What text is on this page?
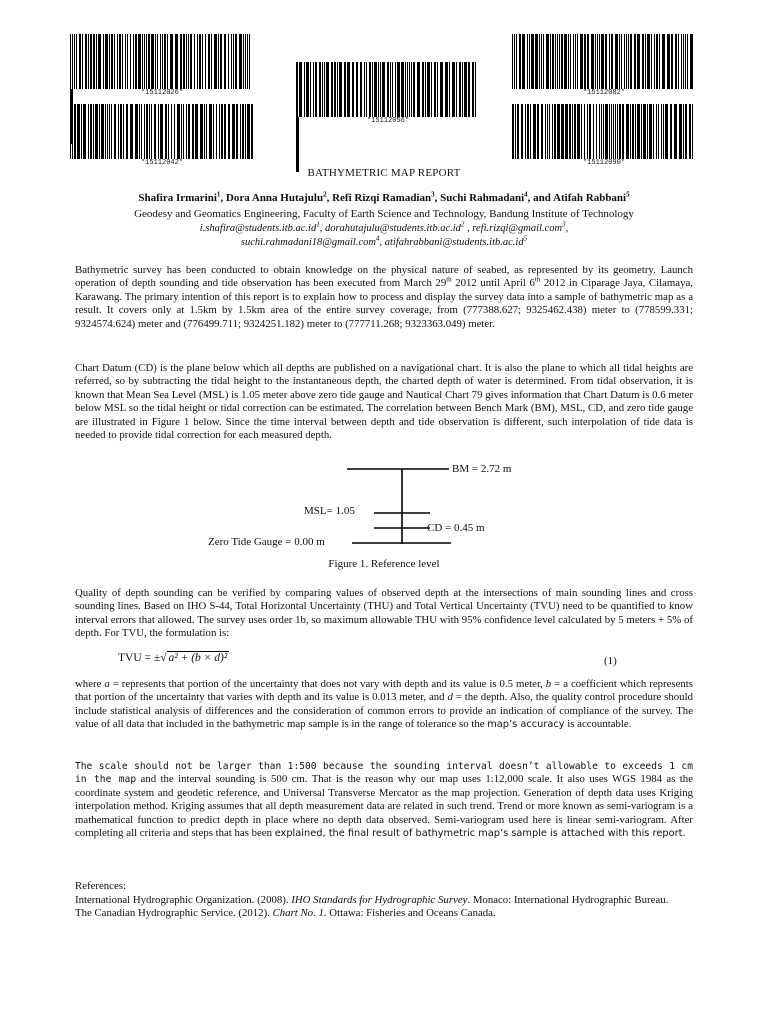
*15112026*
*15112042*
*15112056*
*15112082*
*15112090*
BATHYMETRIC MAP REPORT
Shafira Irmarini$^1$, Dora Anna Hutajulu$^2$, Refi Rizqi Ramadian$^3$, Suchi Rahmadani$^4$, and Atifah Rabbani$^5$
Geodesy and Geomatics Engineering, Faculty of Earth Science and Technology, Bandung Institute of Technology
$i.shafira@students.itb.ac.id^1$, $dorahutajulu@students.itb.ac.id^2$ , refi.rizqi@gmail.com$^3$,
suchi.rahmadani18@gmail.com$^4$, $atifahrabbani@students.itb.ac.id^5$
Bathymetric survey has been conducted to obtain knowledge on the physical nature of seabed, as represented by its geometry. Launch operation of depth sounding and tide observation has been executed from March 29th 2012 until April 6th 2012 in Ciparage Jaya, Cilamaya, Karawang. The primary intention of this report is to explain how to process and display the survey data into a sample of bathymetric map as a result. It covers only at 1.5km by 1.5km area of the entire survey coverage, from (777388.627; 9325462.438) meter to (778599.331; 9324574.624) meter and (776499.711; 9324251.182) meter to (777711.268; 9323363.049) meter.
Chart Datum (CD) is the plane below which all depths are published on a navigational chart. It is also the plane to which all tidal heights are referred, so by subtracting the tidal height to the instantaneous depth, the charted depth of water is determined. From tidal observation, it is known that Mean Sea Level (MSL) is 1.05 meter above zero tide gauge and Nautical Chart 79 gives information that Chart Datum is 0.6 meter below MSL so the tidal height or tidal correction can be estimated. The correlation between Bench Mark (BM), MSL, CD, and zero tide gauge are illustrated in Figure 1 below. Since the time interval between depth and tide observation is different, such interpolation of tide data is needed to provide tidal correction for each measured depth.
BM = 2.72 m
MSL= 1.05
CD = 0.45 m
Zero Tide Gauge = 0.00 m
Figure 1. Reference level
Quality of depth sounding can be verified by comparing values of observed depth at the intersections of main sounding lines and cross sounding lines. Based on IHO S-44, Total Horizontal Uncertainty (THU) and Total Vertical Uncertainty (TVU) need to be quantified to know interval errors that allowed. The survey uses order 1b, so maximum allowable THU with 95% confidence level calculated by 5 meters + 5% of depth. For TVU, the formulation is:
TVU = ±√ a² + (b × d)²	(1)
where a = represents that portion of the uncertainty that does not vary with depth and its value is 0.5 meter, b = a coefficient which represents that portion of the uncertainty that varies with depth and its value is 0.013 meter, and d = the depth. Also, the quality control procedure should include statistical analysis of differences and the consideration of common errors to provide an indication of compliance of the survey. The value of all data that included in the bathymetric map sample is in the range of tolerance so the map’s accuracy is accountable.
The scale should not be larger than 1:500 because the sounding interval doesn’t allowable to exceeds 1 cm in the map and the interval sounding is 500 cm. That is the reason why our map uses 1:12,000 scale. It also uses WGS 1984 as the coordinate system and geodetic reference, and Universal Transverse Mercator as the map projection. Generation of depth data uses Kriging interpolation method. Kriging assumes that all depth measurement data are related in such trend. Trend or more known as semi-variogram is a mathematical function to predict depth in place where no depth data observed. Semi-variogram used here is linear semi-variogram. After completing all criteria and steps that has been explained, the final result of bathymetric map’s sample is attached with this report.
References:
International Hydrographic Organization. (2008). IHO Standards for Hydrographic Survey. Monaco: International Hydrographic Bureau.
The Canadian Hydrographic Service. (2012). Chart No. 1. Ottawa: Fisheries and Oceans Canada.
